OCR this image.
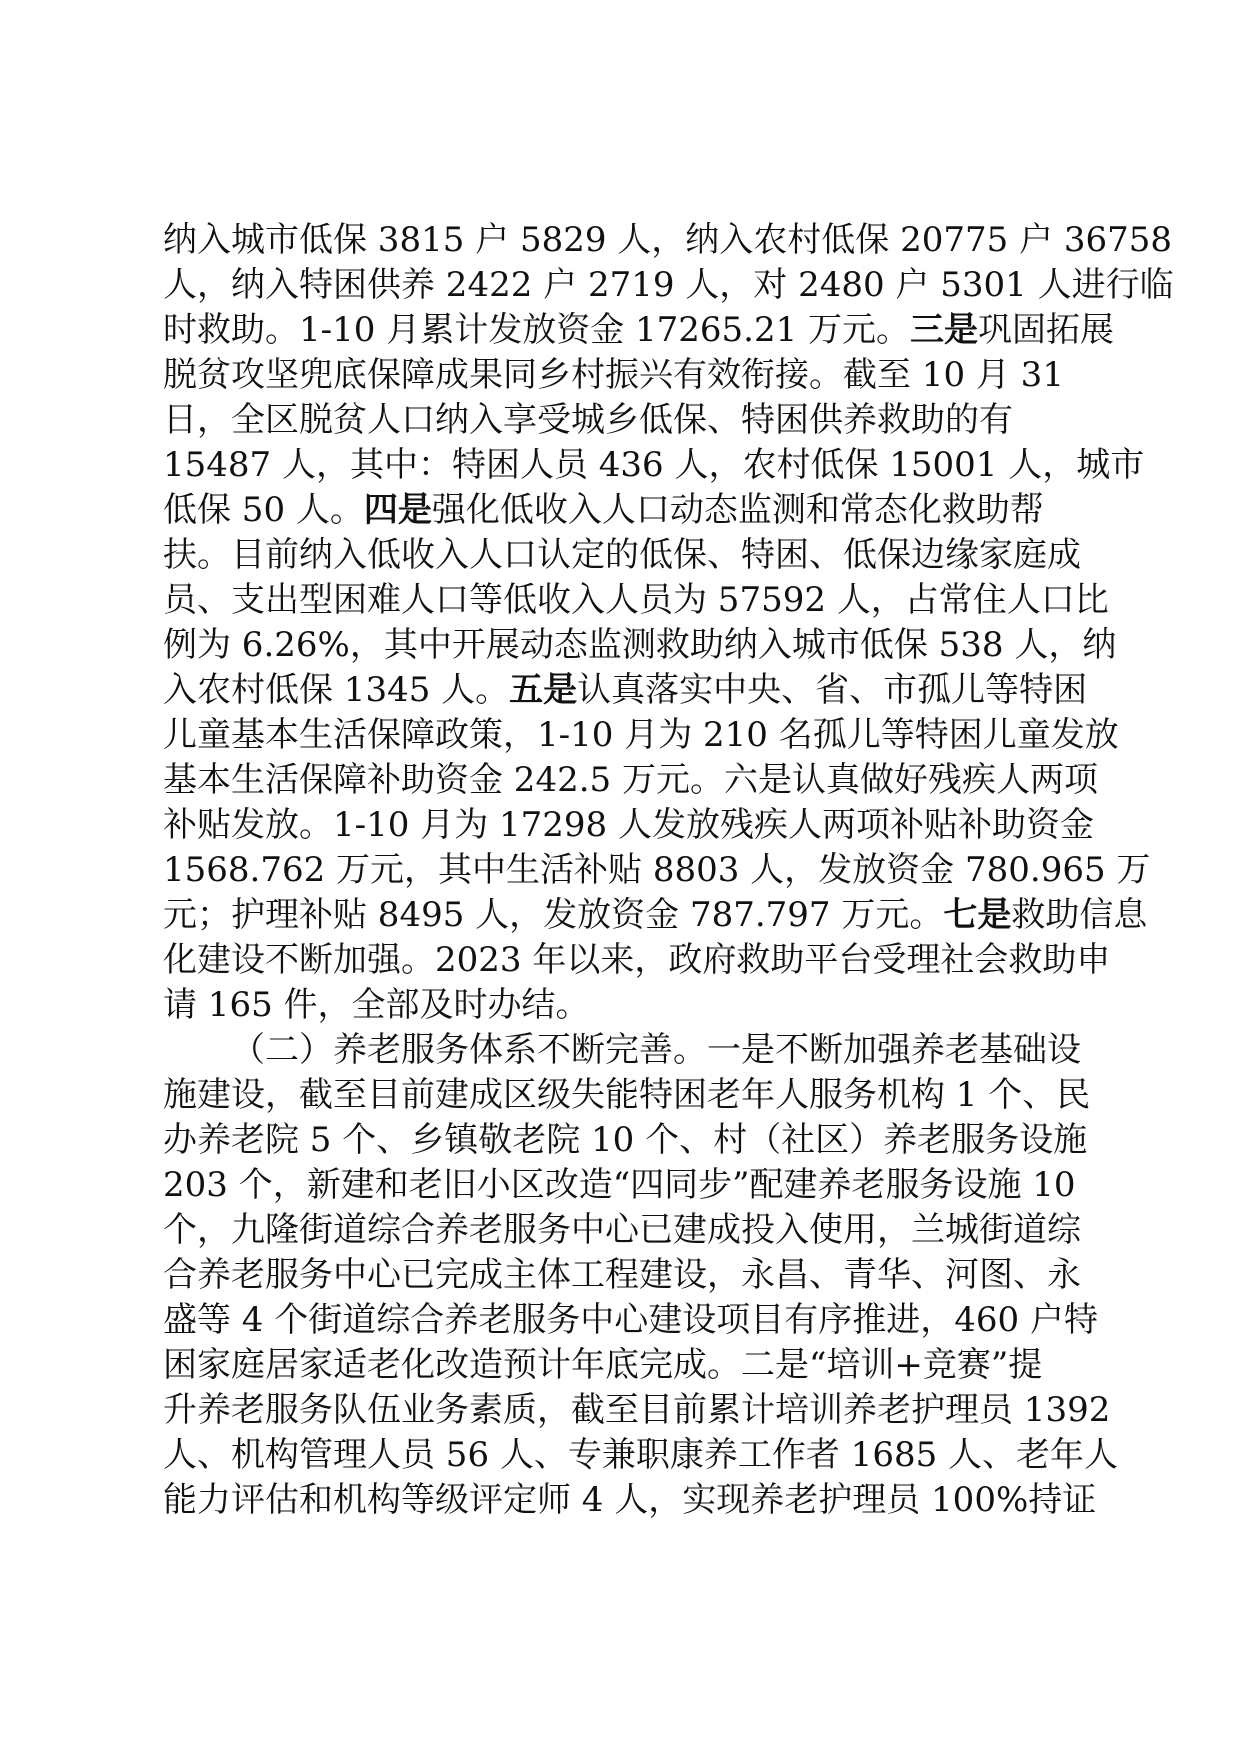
纳入城市低保 3815 户 5829 人，纳入农村低保 20775 户 36758
人，纳入特困供养 2422 户 2719 人，对 2480 户 5301 人进行临
时救助。1-10 月累计发放资金 17265.21 万元。三是巩固拓展
脱贫攻坚兜底保障成果同乡村振兴有效衔接。截至 10 月 31
日，全区脱贫人口纳入享受城乡低保、特困供养救助的有
15487 人，其中：特困人员 436 人，农村低保 15001 人，城市
低保 50 人。四是强化低收入人口动态监测和常态化救助帮
扶。目前纳入低收入人口认定的低保、特困、低保边缘家庭成
员、支出型困难人口等低收入人员为 57592 人，占常住人口比
例为 6.26%，其中开展动态监测救助纳入城市低保 538 人，纳
入农村低保 1345 人。五是认真落实中央、省、市孤儿等特困
儿童基本生活保障政策，1-10 月为 210 名孤儿等特困儿童发放
基本生活保障补助资金 242.5 万元。六是认真做好残疾人两项
补贴发放。1-10 月为 17298 人发放残疾人两项补贴补助资金
1568.762 万元，其中生活补贴 8803 人，发放资金 780.965 万
元；护理补贴 8495 人，发放资金 787.797 万元。七是救助信息
化建设不断加强。2023 年以来，政府救助平台受理社会救助申
请 165 件，全部及时办结。
（二）养老服务体系不断完善。一是不断加强养老基础设
施建设，截至目前建成区级失能特困老年人服务机构 1 个、民
办养老院 5 个、乡镇敬老院 10 个、村（社区）养老服务设施
203 个，新建和老旧小区改造“四同步”配建养老服务设施 10
个，九隆街道综合养老服务中心已建成投入使用，兰城街道综
合养老服务中心已完成主体工程建设，永昌、青华、河图、永
盛等 4 个街道综合养老服务中心建设项目有序推进，460 户特
困家庭居家适老化改造预计年底完成。二是“培训+竞赛”提
升养老服务队伍业务素质，截至目前累计培训养老护理员 1392
人、机构管理人员 56 人、专兼职康养工作者 1685 人、老年人
能力评估和机构等级评定师 4 人，实现养老护理员 100%持证
